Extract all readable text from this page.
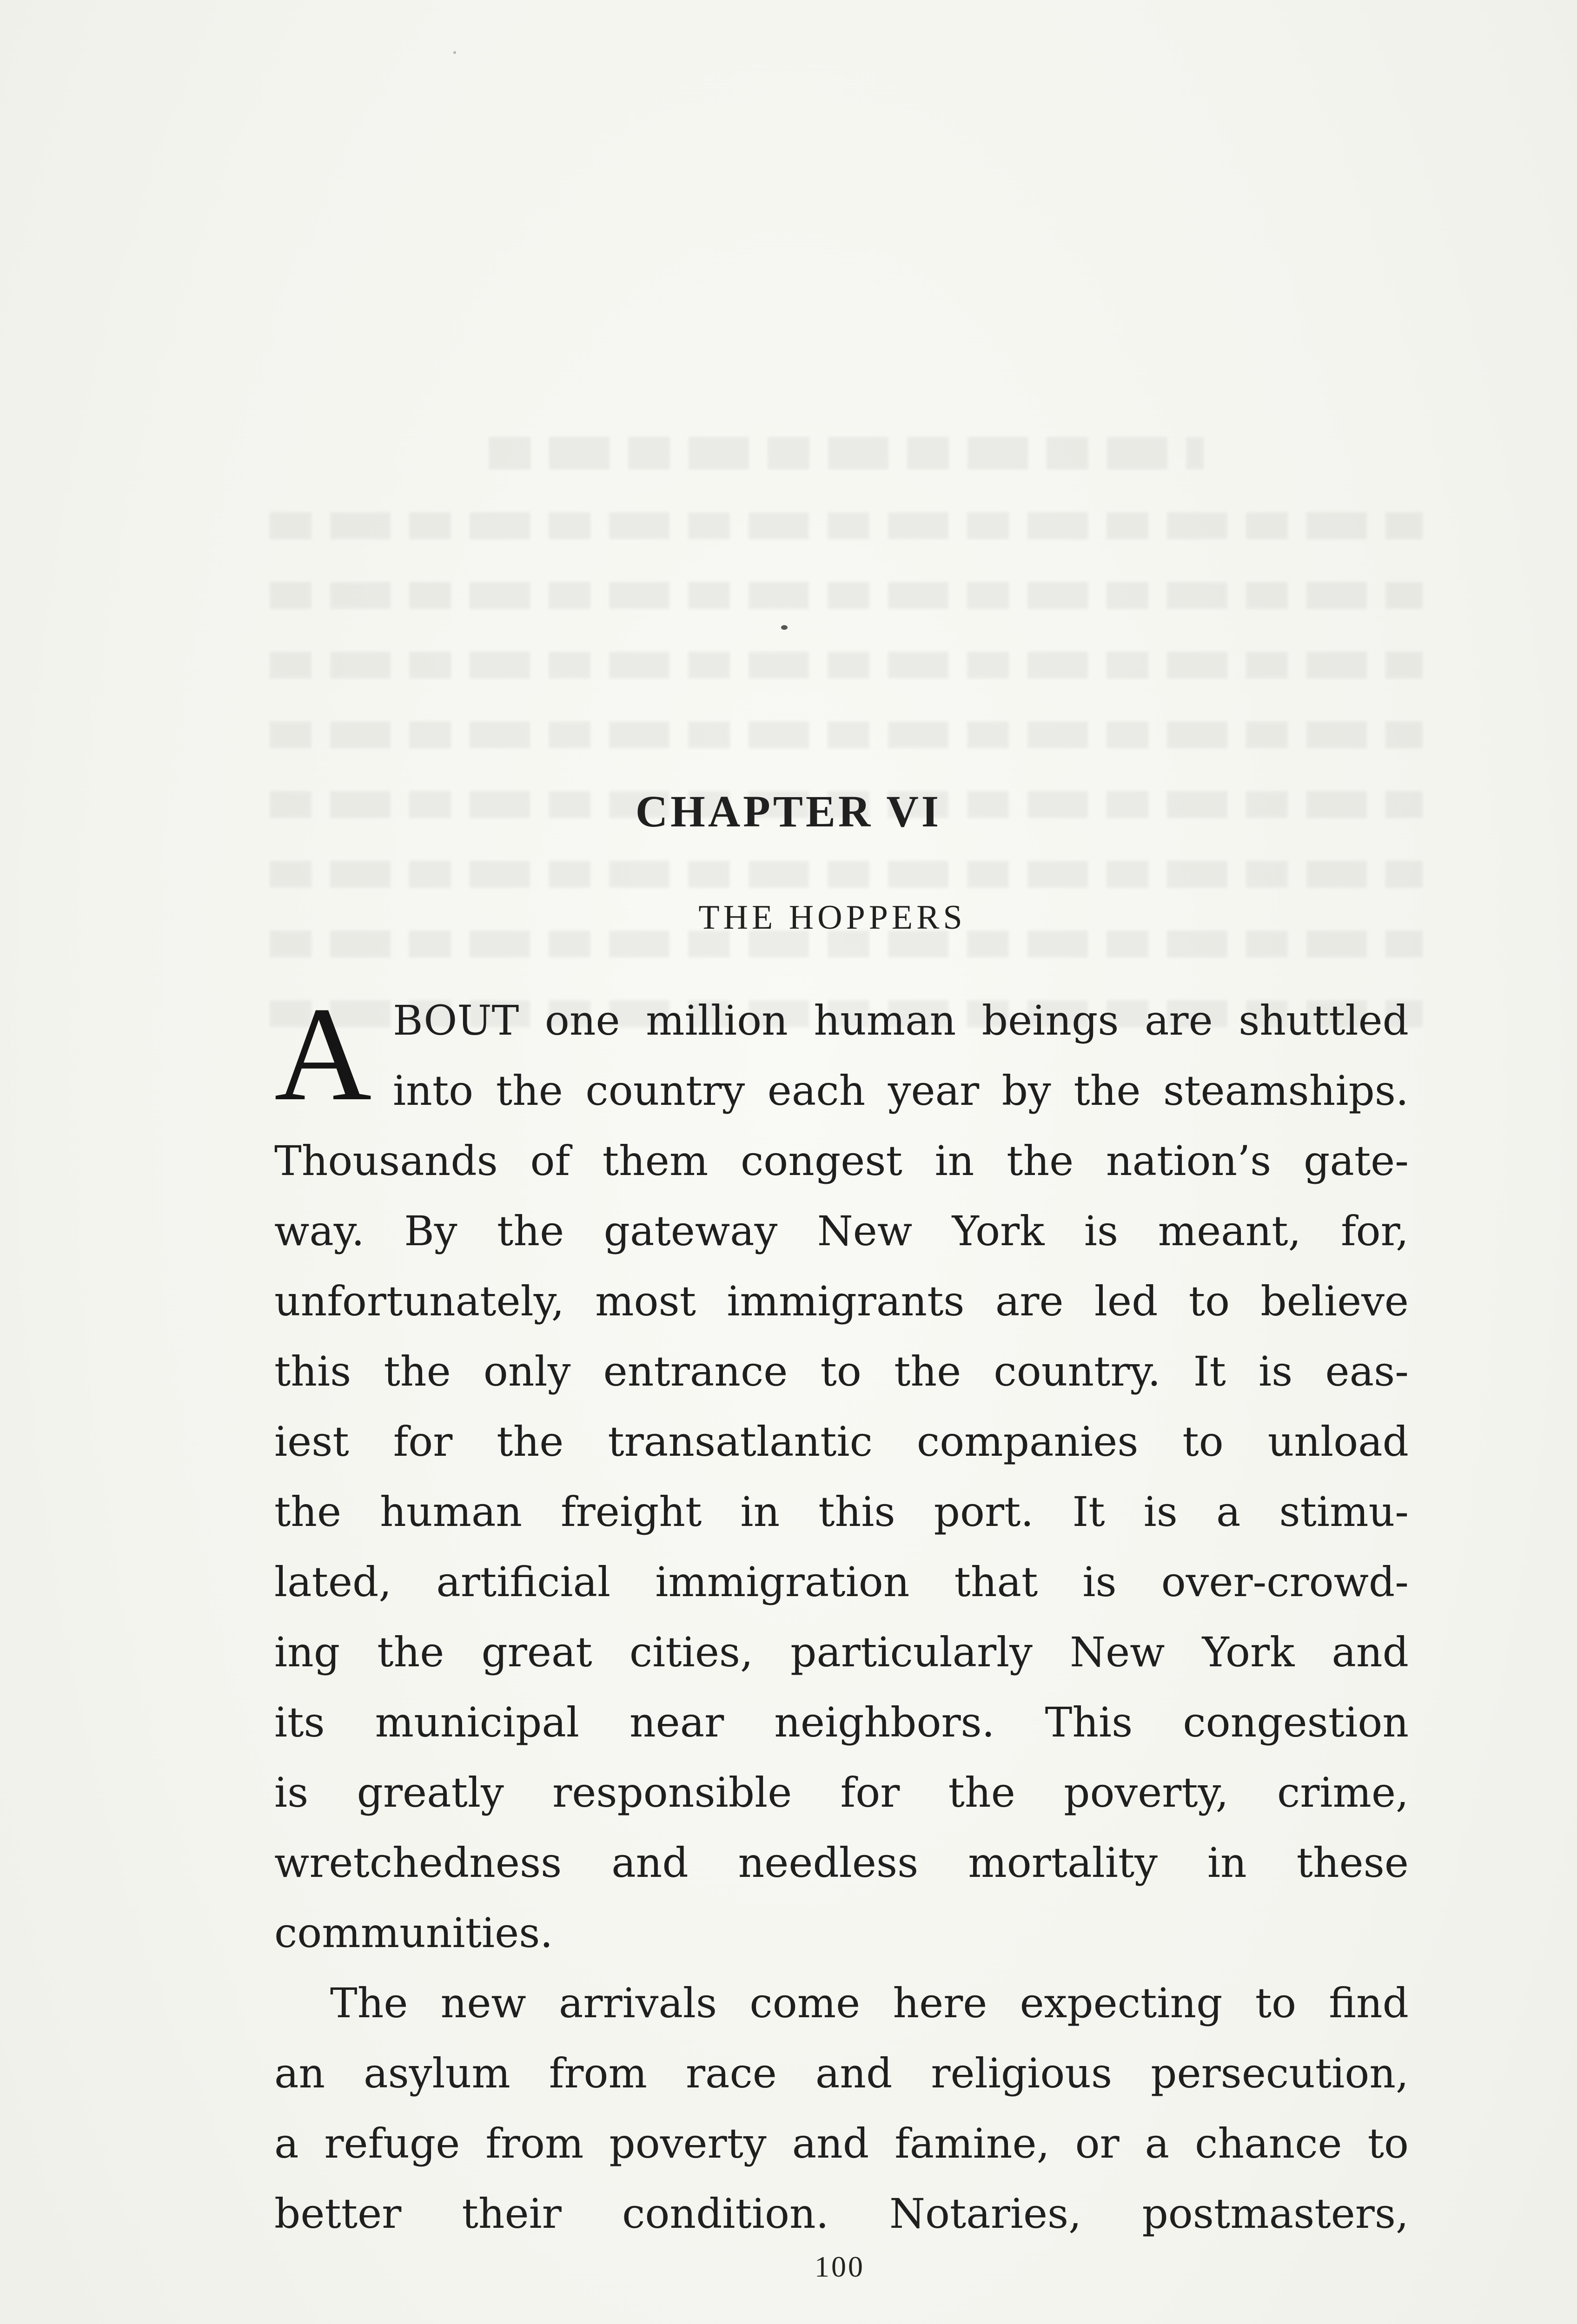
CHAPTER VI
THE HOPPERS
A BOUT one million human beings are shuttled
into the country each year by the steamships.
Thousands of them congest in the nation’s gate-
way. By the gateway New York is meant, for,
unfortunately, most immigrants are led to believe
this the only entrance to the country. It is eas-
iest for the transatlantic companies to unload
the human freight in this port. It is a stimu-
lated, artificial immigration that is over-crowd-
ing the great cities, particularly New York and
its municipal near neighbors. This congestion
is greatly responsible for the poverty, crime,
wretchedness and needless mortality in these
communities.
The new arrivals come here expecting to find
an asylum from race and religious persecution,
a refuge from poverty and famine, or a chance to
better their condition. Notaries, postmasters,
100
